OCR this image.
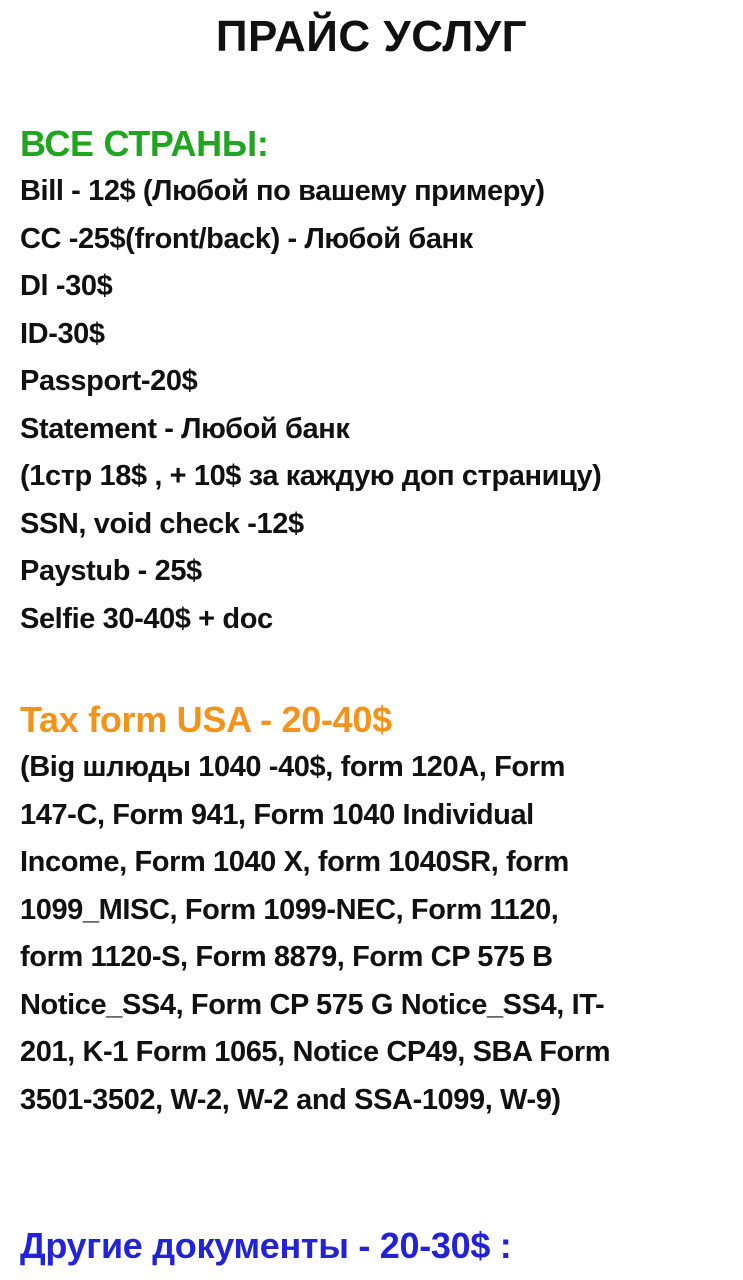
ПРАЙС УСЛУГ
ВСЕ СТРАНЫ:
Bill - 12$ (Любой по вашему примеру)
CC -25$(front/back) - Любой банк
Dl -30$
ID-30$
Passport-20$
Statement - Любой банк
(1стр 18$ , + 10$ за каждую доп страницу)
SSN, void check -12$
Paystub - 25$
Selfie 30-40$ + doc
Tax form USA - 20-40$

(Big шлюды 1040 -40$, form 120A, Form
147-C, Form 941, Form 1040 Individual
Income, Form 1040 X, form 1040SR, form
1099_MISC, Form 1099-NEC, Form 1120,
form 1120-S, Form 8879, Form CP 575 B
Notice_SS4, Form CP 575 G Notice_SS4, IT-
201, K-1 Form 1065, Notice CP49, SBA Form
3501-3502, W-2, W-2 and SSA-1099, W-9)

Другие документы - 20-30$ :
